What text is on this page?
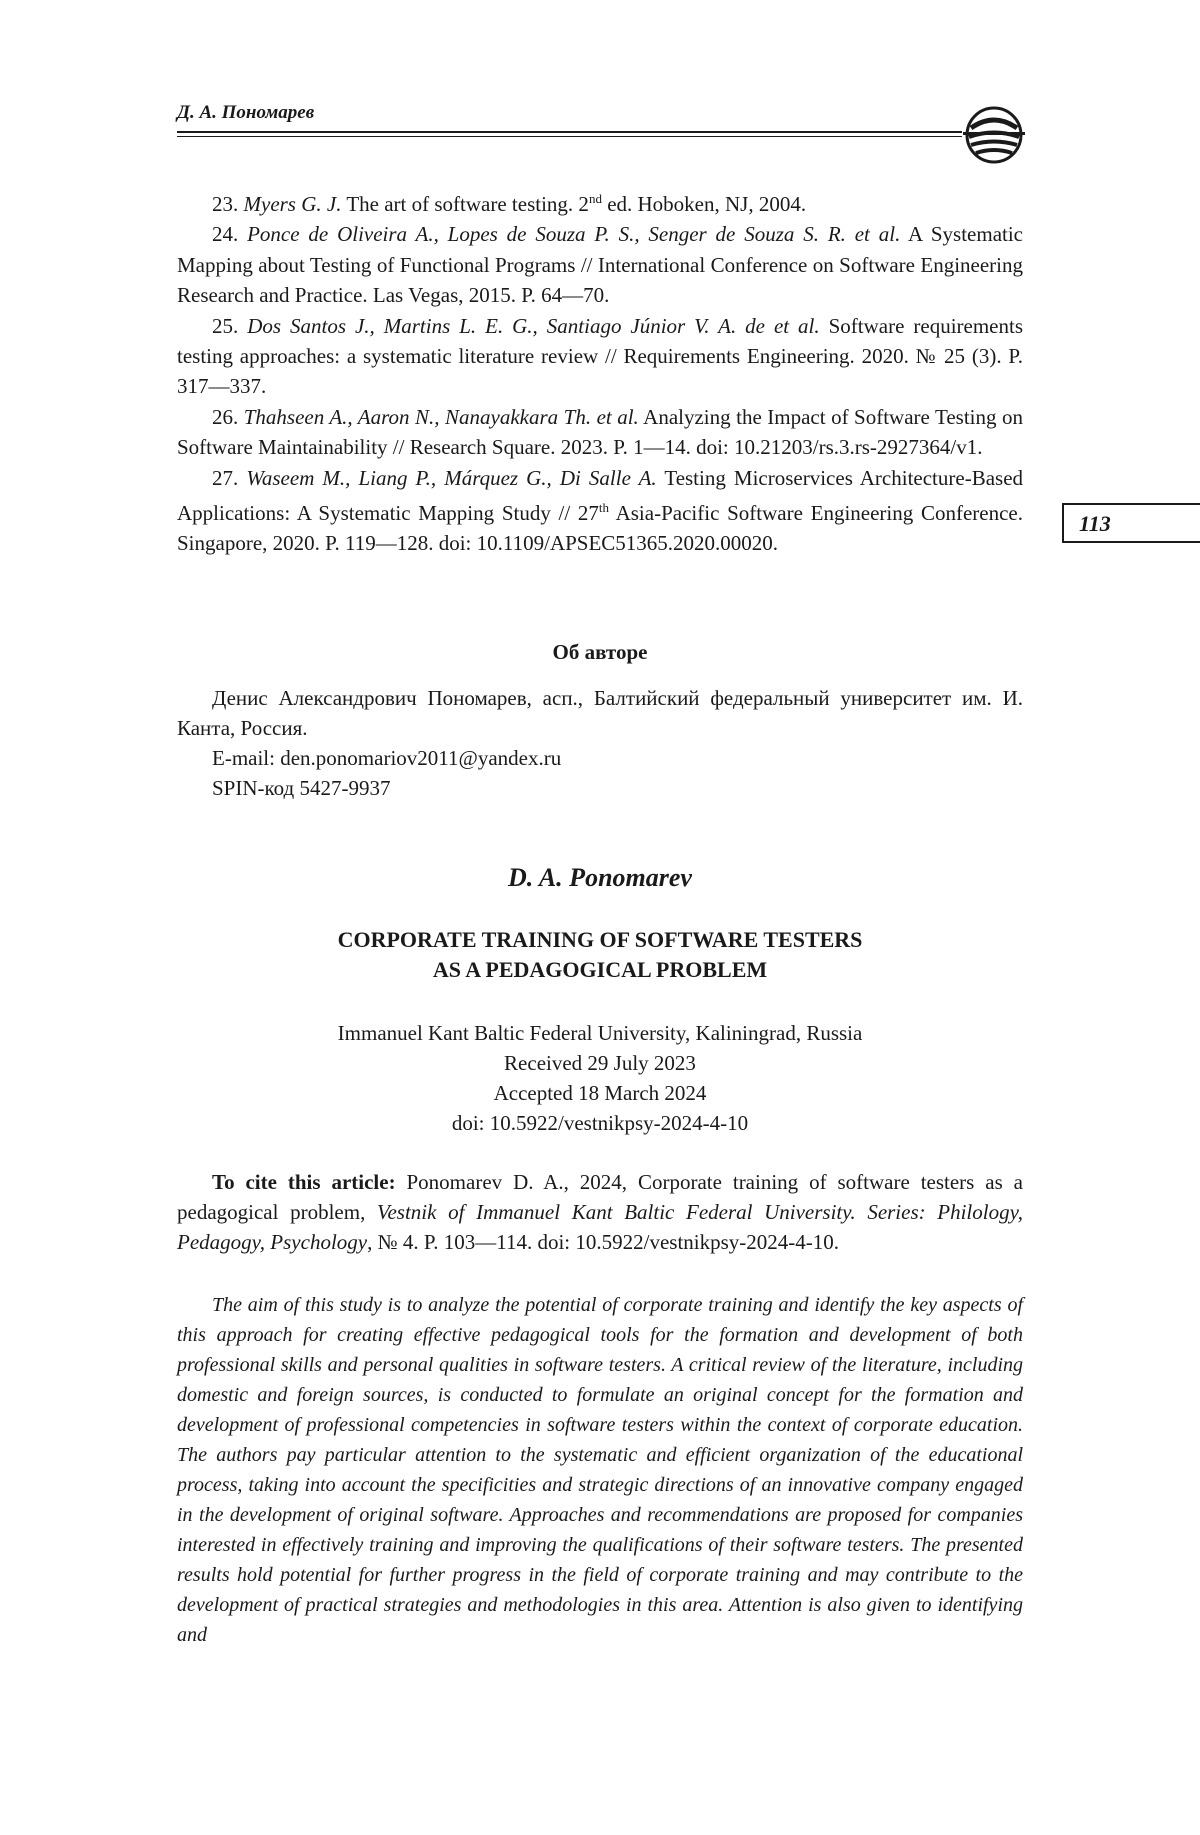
Д. А. Пономарев
113

23. Myers G. J. The art of software testing. 2nd ed. Hoboken, NJ, 2004.

24. Ponce de Oliveira A., Lopes de Souza P. S., Senger de Souza S. R. et al. A Systematic Mapping about Testing of Functional Programs // International Conference on Software Engineering Research and Practice. Las Vegas, 2015. P. 64—70.

25. Dos Santos J., Martins L. E. G., Santiago Júnior V. A. de et al. Software requirements testing approaches: a systematic literature review // Requirements Engineering. 2020. № 25 (3). P. 317—337.

26. Thahseen A., Aaron N., Nanayakkara Th. et al. Analyzing the Impact of Software Testing on Software Maintainability // Research Square. 2023. P. 1—14. doi: 10.21203/rs.3.rs-2927364/v1.

27. Waseem M., Liang P., Márquez G., Di Salle A. Testing Microservices Architecture-Based Applications: A Systematic Mapping Study // 27th Asia-Pacific Software Engineering Conference. Singapore, 2020. P. 119—128. doi: 10.1109/APSEC51365.2020.00020.

Об авторе

Денис Александрович Пономарев, асп., Балтийский федеральный университет им. И. Канта, Россия.

E-mail: den.ponomariov2011@yandex.ru

SPIN-код 5427-9937

D. A. Ponomarev
CORPORATE TRAINING OF SOFTWARE TESTERS
AS A PEDAGOGICAL PROBLEM
Immanuel Kant Baltic Federal University, Kaliningrad, Russia
Received 29 July 2023
Accepted 18 March 2024
doi: 10.5922/vestnikpsy-2024-4-10

To cite this article: Ponomarev D. A., 2024, Corporate training of software testers as a pedagogical problem, Vestnik of Immanuel Kant Baltic Federal University. Series: Philology, Pedagogy, Psychology, № 4. P. 103—114. doi: 10.5922/vestnikpsy-2024-4-10.

The aim of this study is to analyze the potential of corporate training and identify the key aspects of this approach for creating effective pedagogical tools for the formation and development of both professional skills and personal qualities in software testers. A critical review of the literature, including domestic and foreign sources, is conducted to formulate an original concept for the formation and development of professional competencies in software testers within the context of corporate education. The authors pay particular attention to the systematic and efficient organization of the educational process, taking into account the specificities and strategic directions of an innovative company engaged in the development of original software. Approaches and recommendations are proposed for companies interested in effectively training and improving the qualifications of their software testers. The presented results hold potential for further progress in the field of corporate training and may contribute to the development of practical strategies and methodologies in this area. Attention is also given to identifying and
